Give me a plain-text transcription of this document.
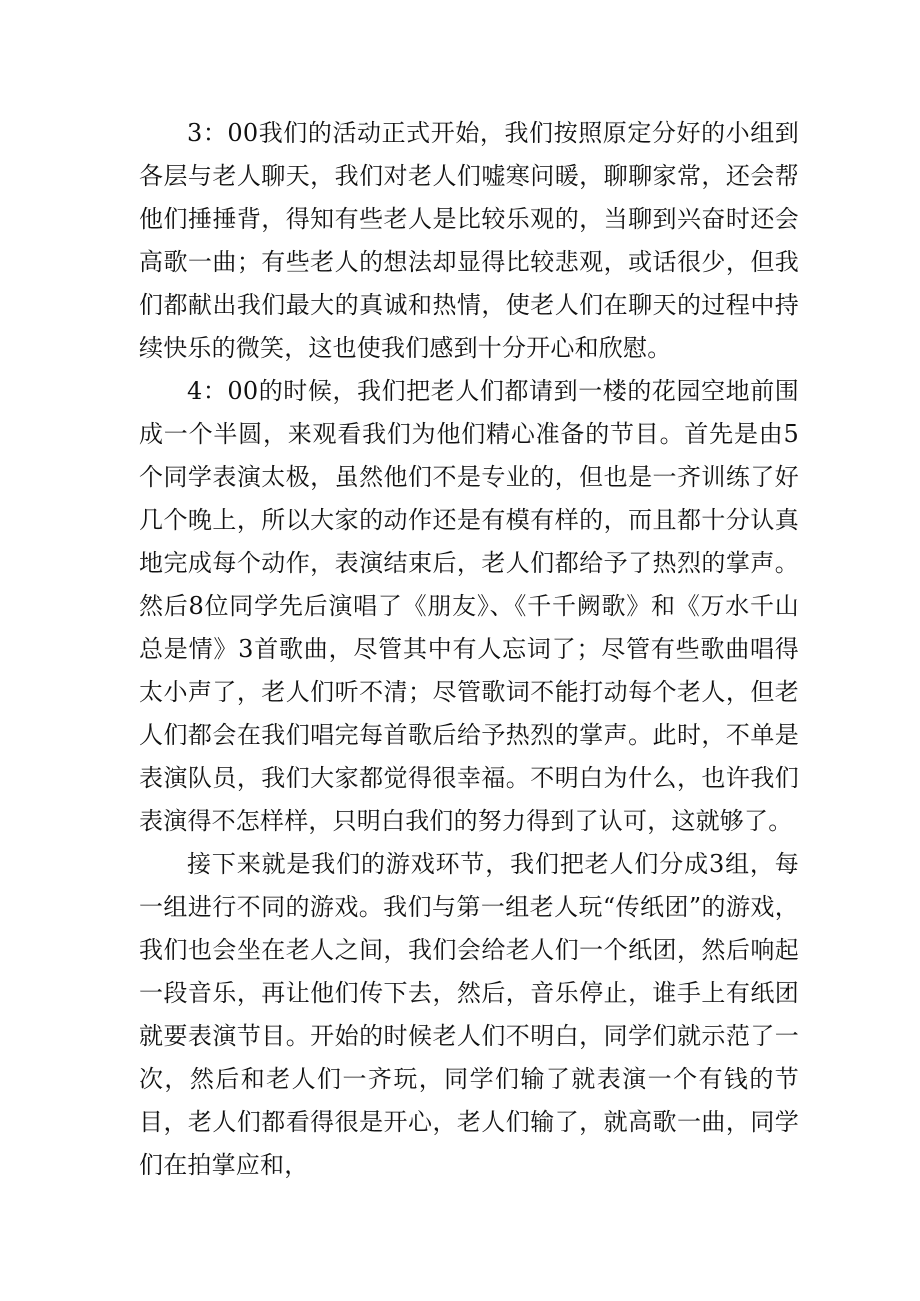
3：00我们的活动正式开始，我们按照原定分好的小组到各层与老人聊天，我们对老人们嘘寒问暖，聊聊家常，还会帮他们捶捶背，得知有些老人是比较乐观的，当聊到兴奋时还会高歌一曲；有些老人的想法却显得比较悲观，或话很少，但我们都献出我们最大的真诚和热情，使老人们在聊天的过程中持续快乐的微笑，这也使我们感到十分开心和欣慰。

4：00的时候，我们把老人们都请到一楼的花园空地前围成一个半圆，来观看我们为他们精心准备的节目。首先是由5个同学表演太极，虽然他们不是专业的，但也是一齐训练了好几个晚上，所以大家的动作还是有模有样的，而且都十分认真地完成每个动作，表演结束后，老人们都给予了热烈的掌声。然后8位同学先后演唱了《朋友》、《千千阙歌》和《万水千山总是情》3首歌曲，尽管其中有人忘词了；尽管有些歌曲唱得太小声了，老人们听不清；尽管歌词不能打动每个老人，但老人们都会在我们唱完每首歌后给予热烈的掌声。此时，不单是表演队员，我们大家都觉得很幸福。不明白为什么，也许我们表演得不怎样样，只明白我们的努力得到了认可，这就够了。

接下来就是我们的游戏环节，我们把老人们分成3组，每一组进行不同的游戏。我们与第一组老人玩“传纸团”的游戏，我们也会坐在老人之间，我们会给老人们一个纸团，然后响起一段音乐，再让他们传下去，然后，音乐停止，谁手上有纸团就要表演节目。开始的时候老人们不明白，同学们就示范了一次，然后和老人们一齐玩，同学们输了就表演一个有钱的节目，老人们都看得很是开心，老人们输了，就高歌一曲，同学们在拍掌应和，
